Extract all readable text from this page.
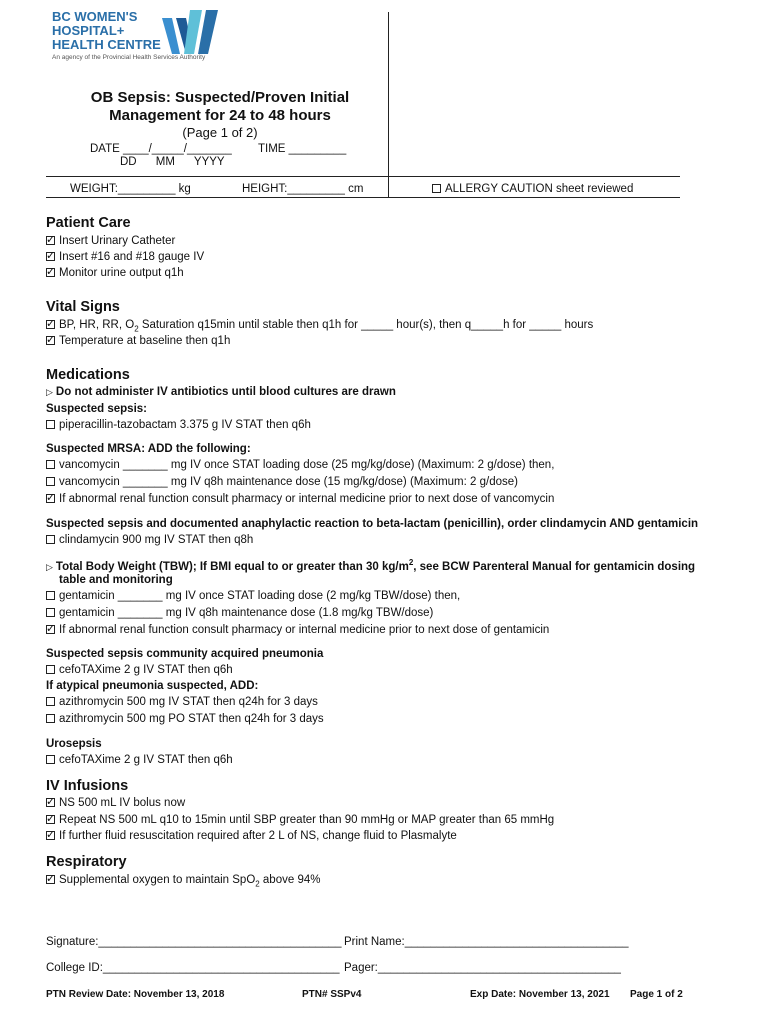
BC WOMEN'S
HOSPITAL+
HEALTH CENTRE
An agency of the Provincial Health Services Authority
OB Sepsis: Suspected/Proven Initial
Management for 24 to 48 hours
(Page 1 of 2)
DATE ____/_____/_______ TIME _________
DD      MM      YYYY
WEIGHT:_________ kg	HEIGHT:_________ cm	ALLERGY CAUTION sheet reviewed
Patient Care
✓Insert Urinary Catheter
✓Insert #16 and #18 gauge IV
✓Monitor urine output q1h
Vital Signs
✓BP, HR, RR, $O_2$ Saturation q15min until stable then q1h for _____ hour(s), then q_____h for _____ hours
✓Temperature at baseline then q1h
Medications
▷ Do not administer IV antibiotics until blood cultures are drawn
Suspected sepsis:
piperacillin-tazobactam 3.375 g IV STAT then q6h
Suspected MRSA: ADD the following:
vancomycin _______ mg IV once STAT loading dose (25 mg/kg/dose) (Maximum: 2 g/dose) then,
vancomycin _______ mg IV q8h maintenance dose (15 mg/kg/dose) (Maximum: 2 g/dose)
✓If abnormal renal function consult pharmacy or internal medicine prior to next dose of vancomycin
Suspected sepsis and documented anaphylactic reaction to beta-lactam (penicillin), order clindamycin AND gentamicin
clindamycin 900 mg IV STAT then q8h
▷ Total Body Weight (TBW); If BMI equal to or greater than 30 $kg/m^2$, see BCW Parenteral Manual for gentamicin dosing
table and monitoring
gentamicin _______ mg IV once STAT loading dose (2 mg/kg TBW/dose) then,
gentamicin _______ mg IV q8h maintenance dose (1.8 mg/kg TBW/dose)
✓If abnormal renal function consult pharmacy or internal medicine prior to next dose of gentamicin
Suspected sepsis community acquired pneumonia
cefoTAXime 2 g IV STAT then q6h
If atypical pneumonia suspected, ADD:
azithromycin 500 mg IV STAT then q24h for 3 days
azithromycin 500 mg PO STAT then q24h for 3 days
Urosepsis
cefoTAXime 2 g IV STAT then q6h
IV Infusions
✓NS 500 mL IV bolus now
✓Repeat NS 500 mL q10 to 15min until SBP greater than 90 mmHg or MAP greater than 65 mmHg
✓If further fluid resuscitation required after 2 L of NS, change fluid to Plasmalyte
Respiratory
✓Supplemental oxygen to maintain SpO$_2$ above 94%
Signature:______________________________________ Print Name:___________________________________
College ID:_____________________________________ Pager:______________________________________
PTN Review Date: November 13, 2018	PTN# SSPv4	Exp Date: November 13, 2021 Page 1 of 2
